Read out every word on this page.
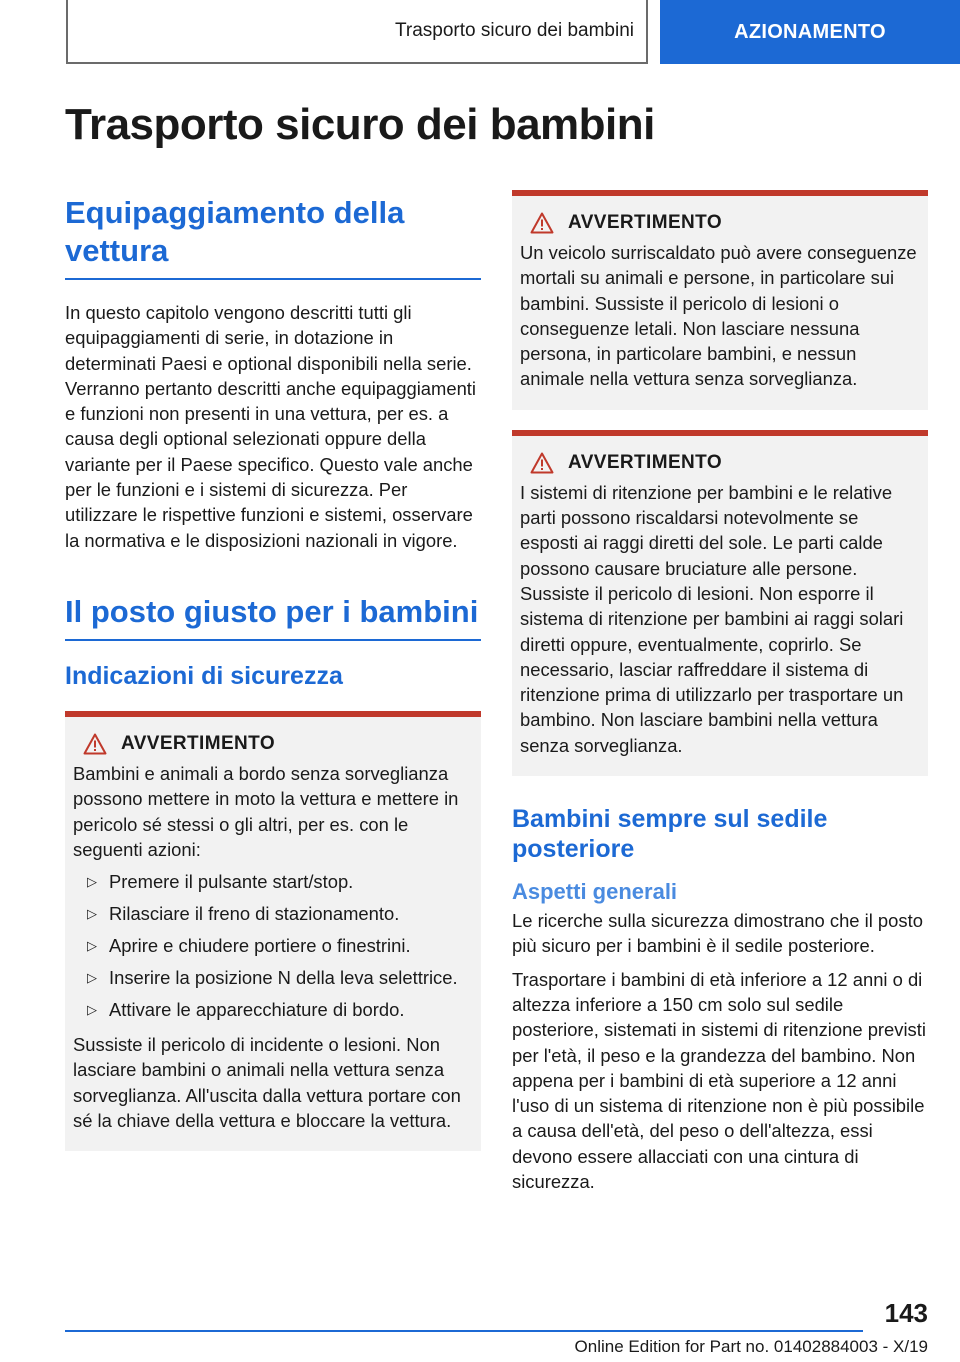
Trasporto sicuro dei bambini	AZIONAMENTO
Trasporto sicuro dei bambini
Equipaggiamento della vettura

In questo capitolo vengono descritti tutti gli equipaggiamenti di serie, in dotazione in determinati Paesi e optional disponibili nella serie. Verranno pertanto descritti anche equipaggiamenti e funzioni non presenti in una vettura, per es. a causa degli optional selezionati oppure della variante per il Paese specifico. Questo vale anche per le funzioni e i sistemi di sicurezza. Per utilizzare le rispettive funzioni e sistemi, osservare la normativa e le disposizioni nazionali in vigore.

Il posto giusto per i bambini
Indicazioni di sicurezza
AVVERTIMENTO

Bambini e animali a bordo senza sorveglianza possono mettere in moto la vettura e mettere in pericolo sé stessi o gli altri, per es. con le seguenti azioni:

▷ Premere il pulsante start/stop.
▷ Rilasciare il freno di stazionamento.
▷ Aprire e chiudere portiere o finestrini.
▷ Inserire la posizione N della leva selettrice.
▷ Attivare le apparecchiature di bordo.

Sussiste il pericolo di incidente o lesioni. Non lasciare bambini o animali nella vettura senza sorveglianza. All'uscita dalla vettura portare con sé la chiave della vettura e bloccare la vettura.

AVVERTIMENTO

Un veicolo surriscaldato può avere conseguenze mortali su animali e persone, in particolare sui bambini. Sussiste il pericolo di lesioni o conseguenze letali. Non lasciare nessuna persona, in particolare bambini, e nessun animale nella vettura senza sorveglianza.

AVVERTIMENTO

I sistemi di ritenzione per bambini e le relative parti possono riscaldarsi notevolmente se esposti ai raggi diretti del sole. Le parti calde possono causare bruciature alle persone. Sussiste il pericolo di lesioni. Non esporre il sistema di ritenzione per bambini ai raggi solari diretti oppure, eventualmente, coprirlo. Se necessario, lasciar raffreddare il sistema di ritenzione prima di utilizzarlo per trasportare un bambino. Non lasciare bambini nella vettura senza sorveglianza.

Bambini sempre sul sedile posteriore
Aspetti generali

Le ricerche sulla sicurezza dimostrano che il posto più sicuro per i bambini è il sedile posteriore.

Trasportare i bambini di età inferiore a 12 anni o di altezza inferiore a 150 cm solo sul sedile posteriore, sistemati in sistemi di ritenzione previsti per l'età, il peso e la grandezza del bambino. Non appena per i bambini di età superiore a 12 anni l'uso di un sistema di ritenzione non è più possibile a causa dell'età, del peso o dell'altezza, essi devono essere allacciati con una cintura di sicurezza.

143
Online Edition for Part no. 01402884003 - X/19
